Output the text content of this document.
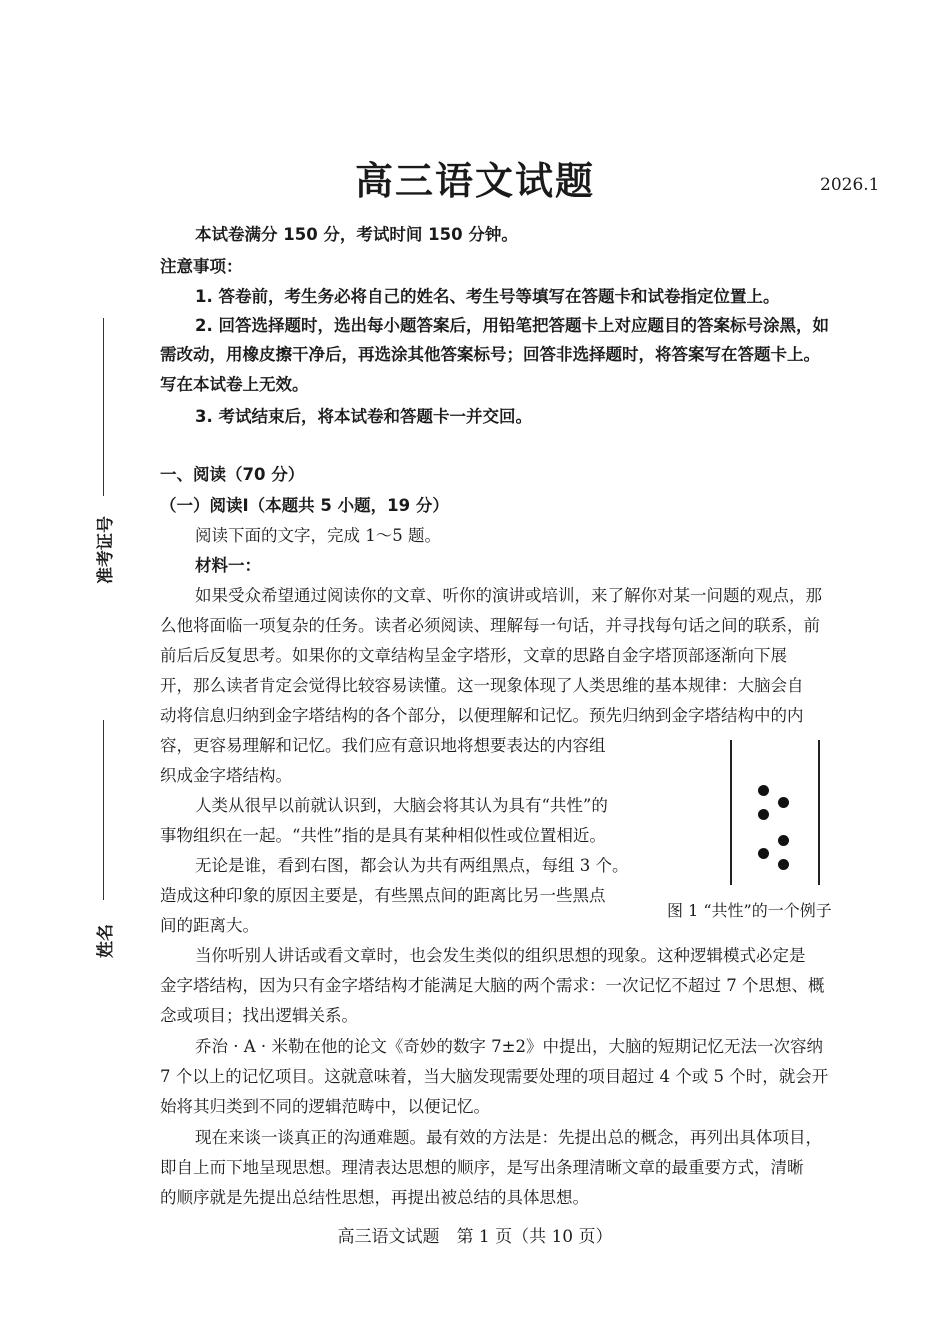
准考证号
姓名
高三语文试题	2026.1
本试卷满分 150 分，考试时间 150 分钟。
注意事项：
1. 答卷前，考生务必将自己的姓名、考生号等填写在答题卡和试卷指定位置上。
2. 回答选择题时，选出每小题答案后，用铅笔把答题卡上对应题目的答案标号涂黑，如
需改动，用橡皮擦干净后，再选涂其他答案标号；回答非选择题时，将答案写在答题卡上。
写在本试卷上无效。
3. 考试结束后，将本试卷和答题卡一并交回。
一、阅读（70 分）
（一）阅读Ⅰ（本题共 5 小题，19 分）
阅读下面的文字，完成 1～5 题。
材料一：
如果受众希望通过阅读你的文章、听你的演讲或培训，来了解你对某一问题的观点，那
么他将面临一项复杂的任务。读者必须阅读、理解每一句话，并寻找每句话之间的联系，前
前后后反复思考。如果你的文章结构呈金字塔形，文章的思路自金字塔顶部逐渐向下展
开，那么读者肯定会觉得比较容易读懂。这一现象体现了人类思维的基本规律：大脑会自
动将信息归纳到金字塔结构的各个部分，以便理解和记忆。预先归纳到金字塔结构中的内
容，更容易理解和记忆。我们应有意识地将想要表达的内容组
织成金字塔结构。
人类从很早以前就认识到，大脑会将其认为具有“共性”的
事物组织在一起。“共性”指的是具有某种相似性或位置相近。
无论是谁，看到右图，都会认为共有两组黑点，每组 3 个。
造成这种印象的原因主要是，有些黑点间的距离比另一些黑点
间的距离大。
图 1 “共性”的一个例子
当你听别人讲话或看文章时，也会发生类似的组织思想的现象。这种逻辑模式必定是
金字塔结构，因为只有金字塔结构才能满足大脑的两个需求：一次记忆不超过 7 个思想、概
念或项目；找出逻辑关系。
乔治 · A · 米勒在他的论文《奇妙的数字 7±2》中提出，大脑的短期记忆无法一次容纳
7 个以上的记忆项目。这就意味着，当大脑发现需要处理的项目超过 4 个或 5 个时，就会开
始将其归类到不同的逻辑范畴中，以便记忆。
现在来谈一谈真正的沟通难题。最有效的方法是：先提出总的概念，再列出具体项目，
即自上而下地呈现思想。理清表达思想的顺序，是写出条理清晰文章的最重要方式，清晰
的顺序就是先提出总结性思想，再提出被总结的具体思想。
高三语文试题　第 1 页（共 10 页）
